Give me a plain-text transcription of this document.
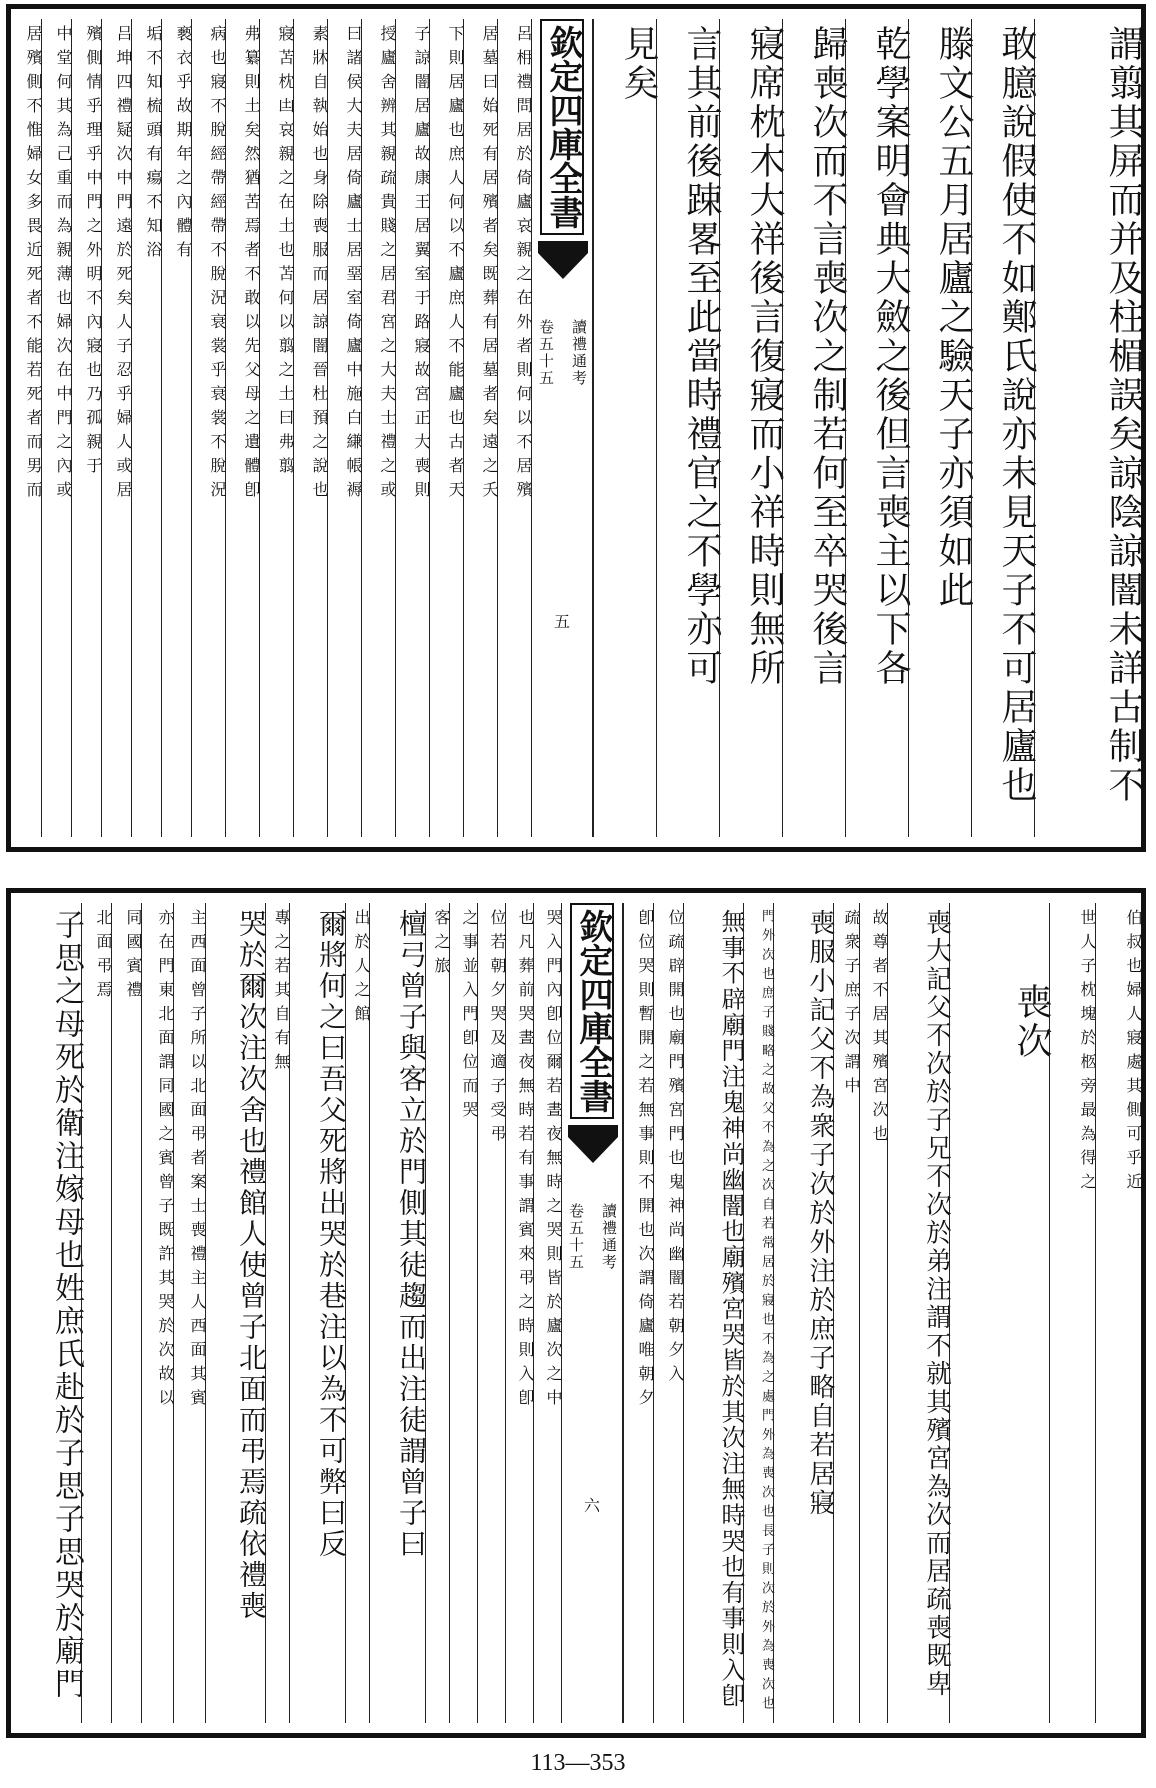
居殯側不惟婦女多畏近死者不能若死者而男而 中堂何其為己重而為親薄也婦次在中門之內或 殯側情乎理乎中門之外明不內寢也乃孤親于 吕坤四禮疑次中門遠於死矣人子忍乎婦人或居 垢不知梳頭有瘍不知浴 褻衣乎故期年之內體有 病也寢不脫經帶經帶不脫況衰裳乎衰裳不脫況 弗纂則土矣然猶苦焉者不敢以先父母之遺體卽 寢苫枕凷哀親之在土也苫何以翦之土曰弗翦 素牀自執始也身除喪服而居諒闇晉杜預之說也 曰諸侯大夫居倚廬士居堊室倚廬中施白縑帳褥 授廬舍辨其親疏貴賤之居君宮之大夫士禮之或 子諒闇居廬故康王居翼室于路寢故宮正大喪則 下則居廬也庶人何以不廬庶人不能廬也古者天 居墓曰始死有居殯者矣既葬有居墓者矣遠之夭 呂枏禮問居於倚廬哀親之在外者則何以不居殯 欽定四庫全書
卷五十五 讀禮通考
五
見矣 言其前後踈畧至此當時禮官之不學亦可 寢席枕木大祥後言復寢而小祥時則無所 歸喪次而不言喪次之制若何至卒哭後言 乾學案明會典大斂之後但言喪主以下各 滕文公五月居廬之驗天子亦須如此 敢臆說假使不如鄭氏說亦未見天子不可居廬也	謂翦其屏而并及柱楣誤矣諒陰諒闇未詳古制不
子思之母死於衛注嫁母也姓庶氏赴於子思子思哭於廟門 北面弔焉 同國賓禮 亦在門東北面謂同國之賓曾子既許其哭於次故以 主西面曾子所以北面弔者案士喪禮主人西面其賓	哭於爾次注次舍也禮館人使曾子北面而弔焉疏依禮喪 專之若其自有無 爾將何之曰吾父死將出哭於巷注以為不可弊曰反 出於人之館 檀弓曾子與客立於門側其徒趨而出注徒謂曾子曰 客之旅 之事並入門卽位而哭 位若朝夕哭及適子受弔 也凡葬前哭晝夜無時若有事謂賓來弔之時則入卽 哭入門內卽位爾若晝夜無時之哭則皆於廬次之中 欽定四庫全書
卷五十五 讀禮通考
六
卽位哭則暫開之若無事則不開也次謂倚廬唯朝夕 位疏辟開也廟門殯宮門也鬼神尚幽闇若朝夕入	無事不辟廟門注鬼神尚幽闇也廟殯宮哭皆於其次注無時哭也有事則入卽	門外次也庶子賤略之故父不為之次自若常居於寢也不為之處門外為喪次也長子則次於外為喪次也	喪服小記父不為衆子次於外注於庶子略自若居寢 疏衆子庶子次謂中 故尊者不居其殯宮次也	喪大記父不次於子兄不次於弟注謂不就其殯宮為次而居疏喪既卑	喪次	世人子枕塊於柩旁最為得之	伯叔也婦人寢處其側可乎近
113—353
